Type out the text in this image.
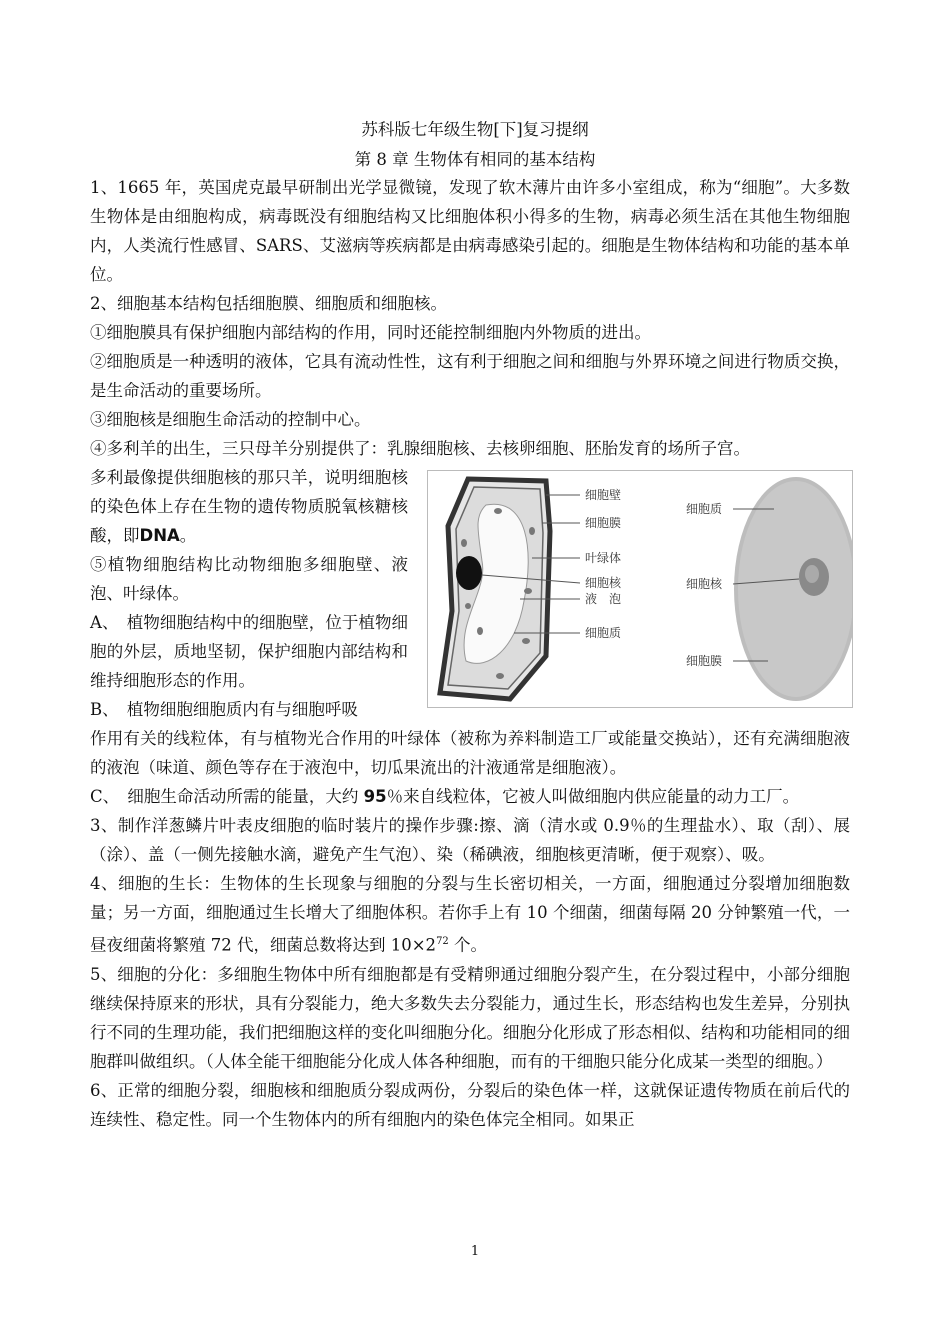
苏科版七年级生物[下]复习提纲
第 8 章 生物体有相同的基本结构

1、1665 年，英国虎克最早研制出光学显微镜，发现了软木薄片由许多小室组成，称为“细胞”。大多数生物体是由细胞构成，病毒既没有细胞结构又比细胞体积小得多的生物，病毒必须生活在其他生物细胞内，人类流行性感冒、SARS、艾滋病等疾病都是由病毒感染引起的。细胞是生物体结构和功能的基本单位。

2、细胞基本结构包括细胞膜、细胞质和细胞核。

①细胞膜具有保护细胞内部结构的作用，同时还能控制细胞内外物质的进出。

②细胞质是一种透明的液体，它具有流动性性，这有利于细胞之间和细胞与外界环境之间进行物质交换，是生命活动的重要场所。

③细胞核是细胞生命活动的控制中心。

④多利羊的出生，三只母羊分别提供了：乳腺细胞核、去核卵细胞、胚胎发育的场所子宫。

多利最像提供细胞核的那只羊，说明细胞核的染色体上存在生物的遗传物质脱氧核糖核酸，即DNA。

⑤植物细胞结构比动物细胞多细胞壁、液泡、叶绿体。

A、　植物细胞结构中的细胞壁，位于植物细胞的外层，质地坚韧，保护细胞内部结构和维持细胞形态的作用。

B、　植物细胞细胞质内有与细胞呼吸

作用有关的线粒体，有与植物光合作用的叶绿体（被称为养料制造工厂或能量交换站），还有充满细胞液的液泡（味道、颜色等存在于液泡中，切瓜果流出的汁液通常是细胞液）。

C、　细胞生命活动所需的能量，大约 95％来自线粒体，它被人叫做细胞内供应能量的动力工厂。

3、制作洋葱鳞片叶表皮细胞的临时装片的操作步骤:擦、滴（清水或 0.9％的生理盐水）、取（刮）、展（涂）、盖（一侧先接触水滴，避免产生气泡）、染（稀碘液，细胞核更清晰，便于观察）、吸。

4、细胞的生长：生物体的生长现象与细胞的分裂与生长密切相关，一方面，细胞通过分裂增加细胞数量；另一方面，细胞通过生长增大了细胞体积。若你手上有 10 个细菌，细菌每隔 20 分钟繁殖一代，一昼夜细菌将繁殖 72 代，细菌总数将达到 $10\times 2^{72}$ 个。

5、细胞的分化：多细胞生物体中所有细胞都是有受精卵通过细胞分裂产生，在分裂过程中，小部分细胞继续保持原来的形状，具有分裂能力，绝大多数失去分裂能力，通过生长，形态结构也发生差异，分别执行不同的生理功能，我们把细胞这样的变化叫细胞分化。细胞分化形成了形态相似、结构和功能相同的细胞群叫做组织。（人体全能干细胞能分化成人体各种细胞，而有的干细胞只能分化成某一类型的细胞。）

6、正常的细胞分裂，细胞核和细胞质分裂成两份，分裂后的染色体一样，这就保证遗传物质在前后代的连续性、稳定性。同一个生物体内的所有细胞内的染色体完全相同。如果正

细胞壁
细胞膜
叶绿体
细胞核
液　泡
细胞质
细胞质
细胞核
细胞膜
1
